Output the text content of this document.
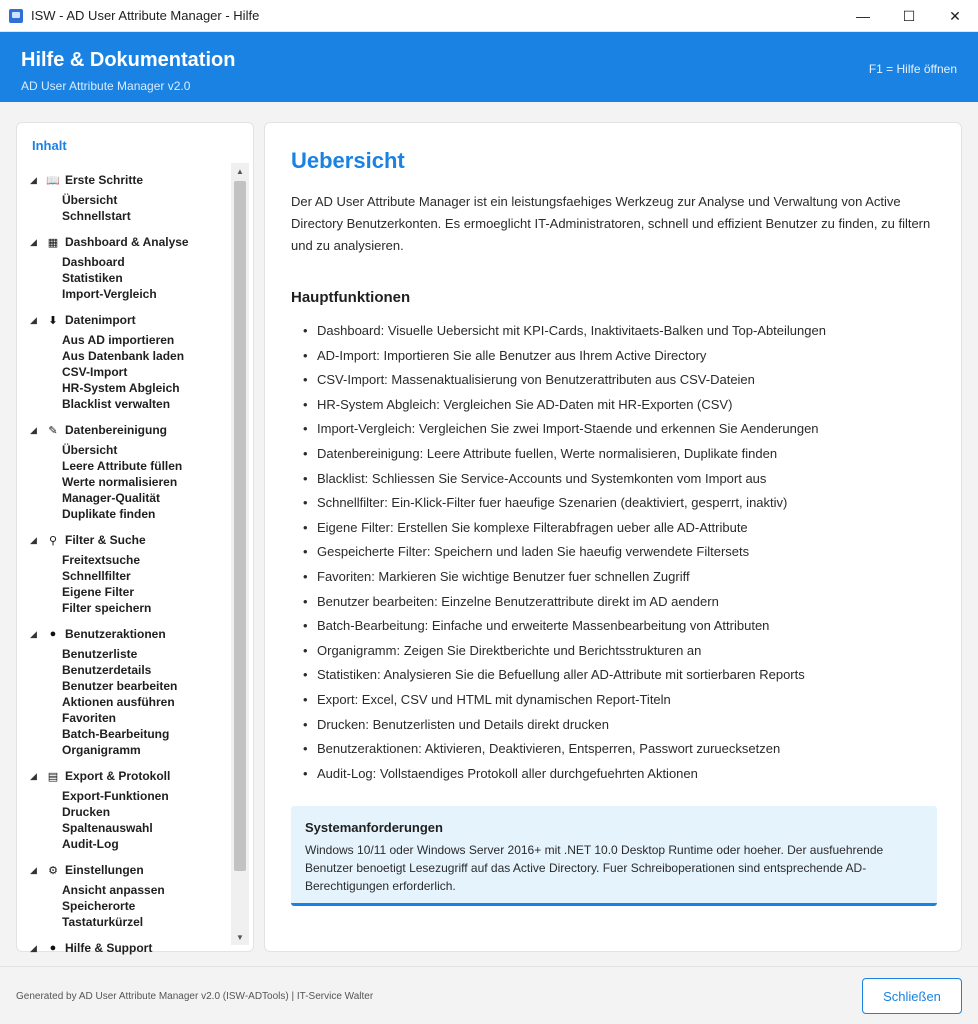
ISW - AD User Attribute Manager - Hilfe	—	☐	✕
Hilfe & Dokumentation
AD User Attribute Manager v2.0
F1 = Hilfe öffnen
Inhalt
◢ 📖 Erste Schritte
Übersicht
Schnellstart
◢ ▦ Dashboard & Analyse
Dashboard
Statistiken
Import-Vergleich
◢	⬇ Datenimport
Aus AD importieren
Aus Datenbank laden
CSV-Import
HR-System Abgleich
Blacklist verwalten
◢	✎ Datenbereinigung
Übersicht
Leere Attribute füllen
Werte normalisieren
Manager-Qualität
Duplikate finden
◢	⚲ Filter & Suche
Freitextsuche
Schnellfilter
Eigene Filter
Filter speichern
◢	● Benutzeraktionen
Benutzerliste
Benutzerdetails
Benutzer bearbeiten
Aktionen ausführen
Favoriten
Batch-Bearbeitung
Organigramm
◢ ▤ Export & Protokoll
Export-Funktionen
Drucken
Spaltenauswahl
Audit-Log
◢	⚙ Einstellungen
Ansicht anpassen
Speicherorte
Tastaturkürzel
◢	● Hilfe & Support
▲
▼
Uebersicht

Der AD User Attribute Manager ist ein leistungsfaehiges Werkzeug zur Analyse und Verwaltung von Active Directory Benutzerkonten. Es ermoeglicht IT-Administratoren, schnell und effizient Benutzer zu finden, zu filtern und zu analysieren.

Hauptfunktionen
• Dashboard: Visuelle Uebersicht mit KPI-Cards, Inaktivitaets-Balken und Top-Abteilungen
• AD-Import: Importieren Sie alle Benutzer aus Ihrem Active Directory
• CSV-Import: Massenaktualisierung von Benutzerattributen aus CSV-Dateien
• HR-System Abgleich: Vergleichen Sie AD-Daten mit HR-Exporten (CSV)
• Import-Vergleich: Vergleichen Sie zwei Import-Staende und erkennen Sie Aenderungen
• Datenbereinigung: Leere Attribute fuellen, Werte normalisieren, Duplikate finden
• Blacklist: Schliessen Sie Service-Accounts und Systemkonten vom Import aus
• Schnellfilter: Ein-Klick-Filter fuer haeufige Szenarien (deaktiviert, gesperrt, inaktiv)
• Eigene Filter: Erstellen Sie komplexe Filterabfragen ueber alle AD-Attribute
• Gespeicherte Filter: Speichern und laden Sie haeufig verwendete Filtersets
• Favoriten: Markieren Sie wichtige Benutzer fuer schnellen Zugriff
• Benutzer bearbeiten: Einzelne Benutzerattribute direkt im AD aendern
• Batch-Bearbeitung: Einfache und erweiterte Massenbearbeitung von Attributen
• Organigramm: Zeigen Sie Direktberichte und Berichtsstrukturen an
• Statistiken: Analysieren Sie die Befuellung aller AD-Attribute mit sortierbaren Reports
• Export: Excel, CSV und HTML mit dynamischen Report-Titeln
• Drucken: Benutzerlisten und Details direkt drucken
• Benutzeraktionen: Aktivieren, Deaktivieren, Entsperren, Passwort zuruecksetzen
• Audit-Log: Vollstaendiges Protokoll aller durchgefuehrten Aktionen
Systemanforderungen
Windows 10/11 oder Windows Server 2016+ mit .NET 10.0 Desktop Runtime oder hoeher. Der ausfuehrende Benutzer benoetigt Lesezugriff auf das Active Directory. Fuer Schreiboperationen sind entsprechende AD-Berechtigungen erforderlich.
Generated by AD User Attribute Manager v2.0 (ISW-ADTools) | IT-Service Walter	Schließen
